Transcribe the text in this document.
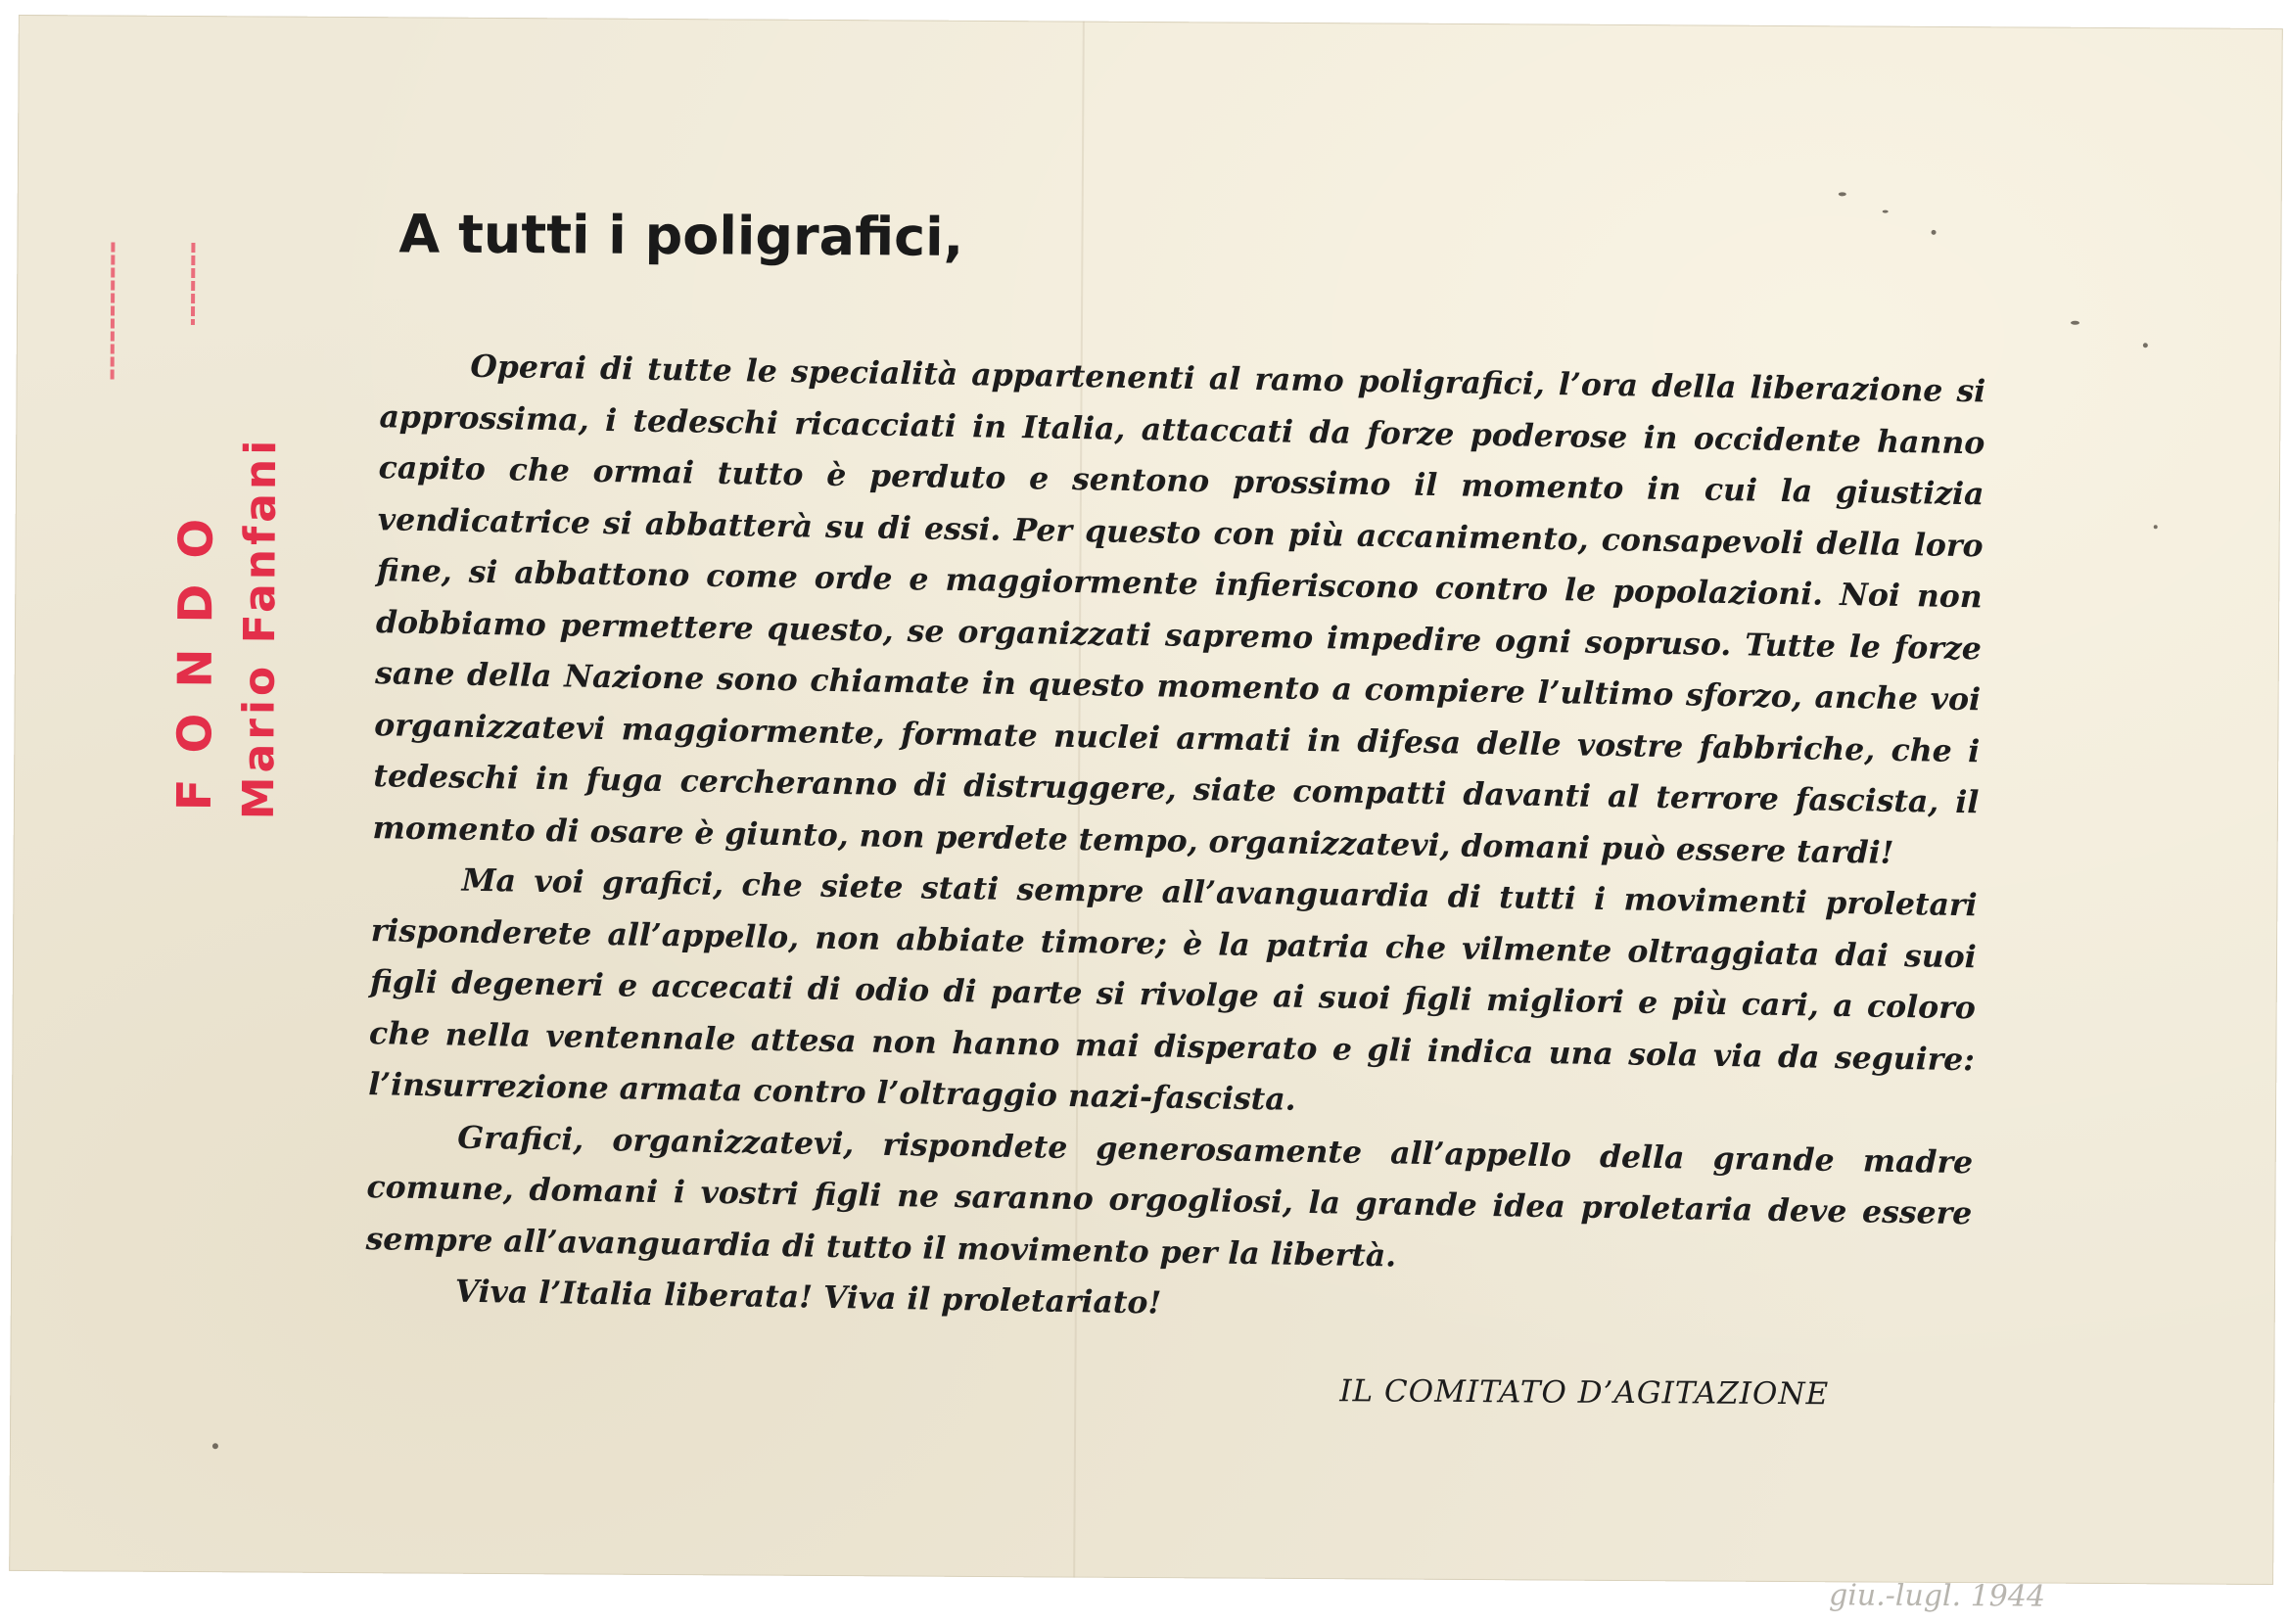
FONDO Mario Fanfani
A tutti i poligrafici,

Operai di tutte le specialità appartenenti al ramo poligrafici, l’ora della liberazione si approssima, i tedeschi ricacciati in Italia, attaccati da forze poderose in occidente hanno capito che ormai tutto è perduto e sentono prossimo il momento in cui la giustizia vendicatrice si abbatterà su di essi. Per questo con più accanimento, consapevoli della loro fine, si abbattono come orde e maggiormente infieriscono contro le popolazioni. Noi non dobbiamo permettere questo, se organizzati sapremo impedire ogni sopruso. Tutte le forze sane della Nazione sono chiamate in questo momento a compiere l’ultimo sforzo, anche voi organizzatevi maggiormente, formate nuclei armati in difesa delle vostre fabbriche, che i tedeschi in fuga cercheranno di distruggere, siate compatti davanti al terrore fascista, il momento di osare è giunto, non perdete tempo, organizzatevi, domani può essere tardi!

Ma voi grafici, che siete stati sempre all’avanguardia di tutti i movimenti proletari risponderete all’appello, non abbiate timore; è la patria che vilmente oltraggiata dai suoi figli degeneri e accecati di odio di parte si rivolge ai suoi figli migliori e più cari, a coloro che nella ventennale attesa non hanno mai disperato e gli indica una sola via da seguire: l’insurrezione armata contro l’oltraggio nazi-fascista.

Grafici, organizzatevi, rispondete generosamente all’appello della grande madre comune, domani i vostri figli ne saranno orgogliosi, la grande idea proletaria deve essere sempre all’avanguardia di tutto il movimento per la libertà.

Viva l’Italia liberata! Viva il proletariato!

IL COMITATO D’AGITAZIONE
giu.-lugl. 1944
